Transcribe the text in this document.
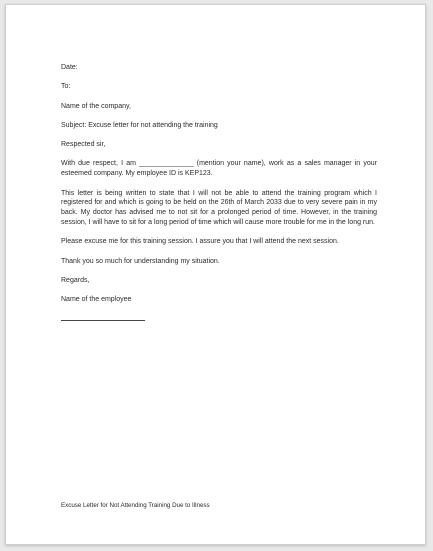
Date:

To:

Name of the company,

Subject: Excuse letter for not attending the training

Respected sir,

With due respect, I am ______________ (mention your name), work as a sales manager in your esteemed company. My employee ID is KEP123.

This letter is being written to state that I will not be able to attend the training program which I registered for and which is going to be held on the 26th of March 2033 due to very severe pain in my back. My doctor has advised me to not sit for a prolonged period of time. However, in the training session, I will have to sit for a long period of time which will cause more trouble for me in the long run.

Please excuse me for this training session. I assure you that I will attend the next session.

Thank you so much for understanding my situation.

Regards,

Name of the employee

Excuse Letter for Not Attending Training Due to Illness
